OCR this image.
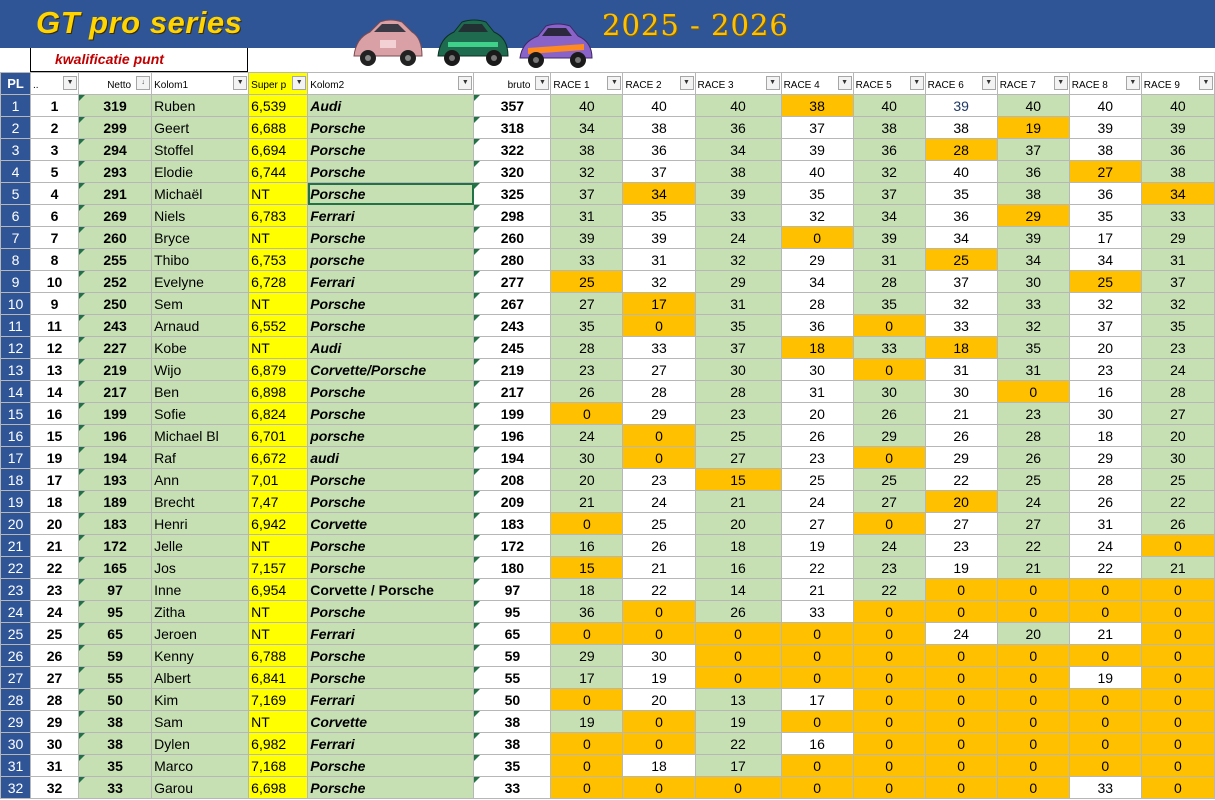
GT pro series	2025 - 2026
kwalificatie punt
PL	.. ▼	Netto ↓	Kolom1 ▼	Super p ▼	Kolom2 ▼	bruto ▼	RACE 1 ▼	RACE 2 ▼	RACE 3 ▼	RACE 4 ▼	RACE 5 ▼	RACE 6 ▼	RACE 7 ▼	RACE 8 ▼	RACE 9 ▼

1	1	319	Ruben	6,539	Audi	357	40	40	40	38	40	39	40	40	40
2	2	299	Geert	6,688	Porsche	318	34	38	36	37	38	38	19	39	39
3	3	294	Stoffel	6,694	Porsche	322	38	36	34	39	36	28	37	38	36
4	5	293	Elodie	6,744	Porsche	320	32	37	38	40	32	40	36	27	38
5	4	291	Michaël	NT	Porsche	325	37	34	39	35	37	35	38	36	34
6	6	269	Niels	6,783	Ferrari	298	31	35	33	32	34	36	29	35	33
7	7	260	Bryce	NT	Porsche	260	39	39	24	0	39	34	39	17	29
8	8	255	Thibo	6,753	porsche	280	33	31	32	29	31	25	34	34	31
9	10	252	Evelyne	6,728	Ferrari	277	25	32	29	34	28	37	30	25	37
10	9	250	Sem	NT	Porsche	267	27	17	31	28	35	32	33	32	32
11	11	243	Arnaud	6,552	Porsche	243	35	0	35	36	0	33	32	37	35
12	12	227	Kobe	NT	Audi	245	28	33	37	18	33	18	35	20	23
13	13	219	Wijo	6,879	Corvette/Porsche	219	23	27	30	30	0	31	31	23	24
14	14	217	Ben	6,898	Porsche	217	26	28	28	31	30	30	0	16	28
15	16	199	Sofie	6,824	Porsche	199	0	29	23	20	26	21	23	30	27
16	15	196	Michael Bl	6,701	porsche	196	24	0	25	26	29	26	28	18	20
17	19	194	Raf	6,672	audi	194	30	0	27	23	0	29	26	29	30
18	17	193	Ann	7,01	Porsche	208	20	23	15	25	25	22	25	28	25
19	18	189	Brecht	7,47	Porsche	209	21	24	21	24	27	20	24	26	22
20	20	183	Henri	6,942	Corvette	183	0	25	20	27	0	27	27	31	26
21	21	172	Jelle	NT	Porsche	172	16	26	18	19	24	23	22	24	0
22	22	165	Jos	7,157	Porsche	180	15	21	16	22	23	19	21	22	21
23	23	97	Inne	6,954	Corvette / Porsche	97	18	22	14	21	22	0	0	0	0
24	24	95	Zitha	NT	Porsche	95	36	0	26	33	0	0	0	0	0
25	25	65	Jeroen	NT	Ferrari	65	0	0	0	0	0	24	20	21	0
26	26	59	Kenny	6,788	Porsche	59	29	30	0	0	0	0	0	0	0
27	27	55	Albert	6,841	Porsche	55	17	19	0	0	0	0	0	19	0
28	28	50	Kim	7,169	Ferrari	50	0	20	13	17	0	0	0	0	0
29	29	38	Sam	NT	Corvette	38	19	0	19	0	0	0	0	0	0
30	30	38	Dylen	6,982	Ferrari	38	0	0	22	16	0	0	0	0	0
31	31	35	Marco	7,168	Porsche	35	0	18	17	0	0	0	0	0	0
32	32	33	Garou	6,698	Porsche	33	0	0	0	0	0	0	0	33	0
